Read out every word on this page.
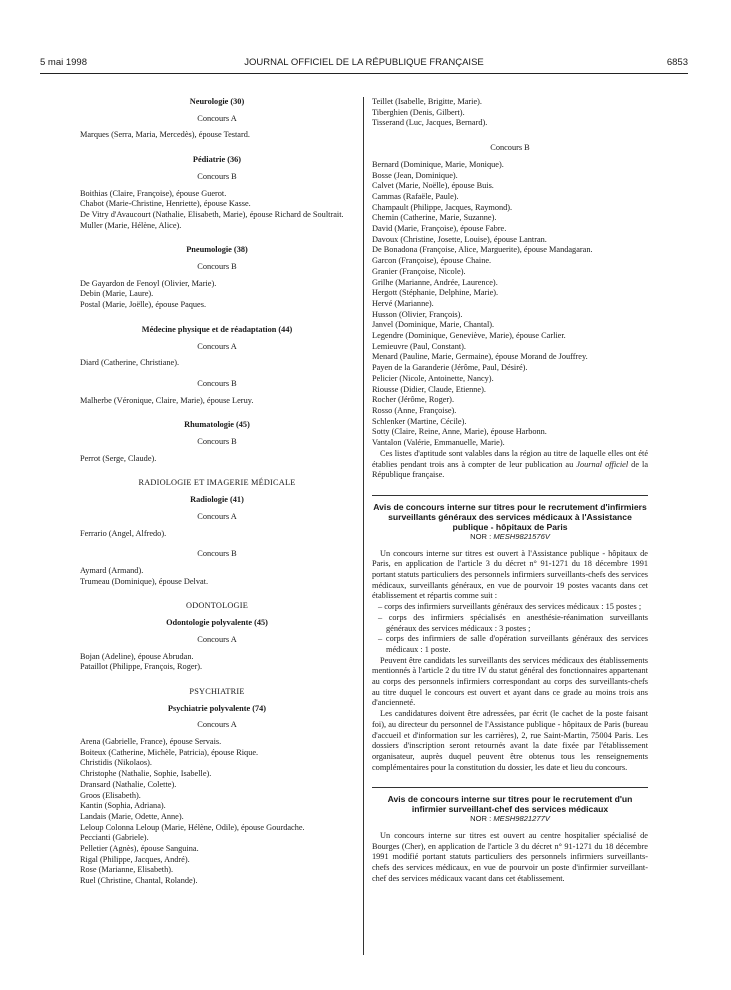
5 mai 1998	JOURNAL OFFICIEL DE LA RÉPUBLIQUE FRANÇAISE	6853

Neurologie (30)

Concours A

Marques (Serra, Maria, Mercedès), épouse Testard.

Pédiatrie (36)

Concours B

Boithias (Claire, Françoise), épouse Guerot.

Chabot (Marie-Christine, Henriette), épouse Kasse.

De Vitry d'Avaucourt (Nathalie, Elisabeth, Marie), épouse Richard de Soultrait.

Muller (Marie, Hélène, Alice).

Pneumologie (38)

Concours B

De Gayardon de Fenoyl (Olivier, Marie).

Debin (Marie, Laure).

Postal (Marie, Joëlle), épouse Paques.

Médecine physique et de réadaptation (44)

Concours A

Diard (Catherine, Christiane).

Concours B

Malherbe (Véronique, Claire, Marie), épouse Leruy.

Rhumatologie (45)

Concours B

Perrot (Serge, Claude).

RADIOLOGIE ET IMAGERIE MÉDICALE

Radiologie (41)

Concours A

Ferrario (Angel, Alfredo).

Concours B

Aymard (Armand).

Trumeau (Dominique), épouse Delvat.

ODONTOLOGIE

Odontologie polyvalente (45)

Concours A

Bojan (Adeline), épouse Abrudan.

Pataillot (Philippe, François, Roger).

PSYCHIATRIE

Psychiatrie polyvalente (74)

Concours A

Arena (Gabrielle, France), épouse Servais.

Boiteux (Catherine, Michèle, Patricia), épouse Rique.

Christidis (Nikolaos).

Christophe (Nathalie, Sophie, Isabelle).

Dransard (Nathalie, Colette).

Groos (Elisabeth).

Kantin (Sophia, Adriana).

Landais (Marie, Odette, Anne).

Leloup Colonna Leloup (Marie, Hélène, Odile), épouse Gourdache.

Peccianti (Gabriele).

Pelletier (Agnès), épouse Sanguina.

Rigal (Philippe, Jacques, André).

Rose (Marianne, Elisabeth).

Ruel (Christine, Chantal, Rolande).

Teillet (Isabelle, Brigitte, Marie).

Tiberghien (Denis, Gilbert).

Tisserand (Luc, Jacques, Bernard).

Concours B

Bernard (Dominique, Marie, Monique).

Bosse (Jean, Dominique).

Calvet (Marie, Noëlle), épouse Buis.

Cammas (Rafaële, Paule).

Champault (Philippe, Jacques, Raymond).

Chemin (Catherine, Marie, Suzanne).

David (Marie, Françoise), épouse Fabre.

Davoux (Christine, Josette, Louise), épouse Lantran.

De Bonadona (Françoise, Alice, Marguerite), épouse Mandagaran.

Garcon (Françoise), épouse Chaine.

Granier (Françoise, Nicole).

Grilhe (Marianne, Andrée, Laurence).

Hergott (Stéphanie, Delphine, Marie).

Hervé (Marianne).

Husson (Olivier, François).

Janvel (Dominique, Marie, Chantal).

Legendre (Dominique, Geneviève, Marie), épouse Carlier.

Lemieuvre (Paul, Constant).

Menard (Pauline, Marie, Germaine), épouse Morand de Jouffrey.

Payen de la Garanderie (Jérôme, Paul, Désiré).

Pelicier (Nicole, Antoinette, Nancy).

Riousse (Didier, Claude, Etienne).

Rocher (Jérôme, Roger).

Rosso (Anne, Françoise).

Schlenker (Martine, Cécile).

Sotty (Claire, Reine, Anne, Marie), épouse Harbonn.

Vantalon (Valérie, Emmanuelle, Marie).

Ces listes d'aptitude sont valables dans la région au titre de laquelle elles ont été établies pendant trois ans à compter de leur publication au Journal officiel de la République française.

Avis de concours interne sur titres pour le recrutement d'infirmiers surveillants généraux des services médicaux à l'Assistance publique - hôpitaux de Paris

NOR : MESH9821576V

Un concours interne sur titres est ouvert à l'Assistance publique - hôpitaux de Paris, en application de l'article 3 du décret n° 91-1271 du 18 décembre 1991 portant statuts particuliers des personnels infirmiers surveillants-chefs des services médicaux, surveillants généraux, en vue de pourvoir 19 postes vacants dans cet établissement et répartis comme suit :

– corps des infirmiers surveillants généraux des services médicaux : 15 postes ;

– corps des infirmiers spécialisés en anesthésie-réanimation surveillants généraux des services médicaux : 3 postes ;

– corps des infirmiers de salle d'opération surveillants généraux des services médicaux : 1 poste.

Peuvent être candidats les surveillants des services médicaux des établissements mentionnés à l'article 2 du titre IV du statut général des fonctionnaires appartenant au corps des personnels infirmiers correspondant au corps des surveillants-chefs au titre duquel le concours est ouvert et ayant dans ce grade au moins trois ans d'ancienneté.

Les candidatures doivent être adressées, par écrit (le cachet de la poste faisant foi), au directeur du personnel de l'Assistance publique - hôpitaux de Paris (bureau d'accueil et d'information sur les carrières), 2, rue Saint-Martin, 75004 Paris. Les dossiers d'inscription seront retournés avant la date fixée par l'établissement organisateur, auprès duquel peuvent être obtenus tous les renseignements complémentaires pour la constitution du dossier, les date et lieu du concours.

Avis de concours interne sur titres pour le recrutement d'un infirmier surveillant-chef des services médicaux

NOR : MESH9821277V

Un concours interne sur titres est ouvert au centre hospitalier spécialisé de Bourges (Cher), en application de l'article 3 du décret n° 91-1271 du 18 décembre 1991 modifié portant statuts particuliers des personnels infirmiers surveillants-chefs des services médicaux, en vue de pourvoir un poste d'infirmier surveillant-chef des services médicaux vacant dans cet établissement.
